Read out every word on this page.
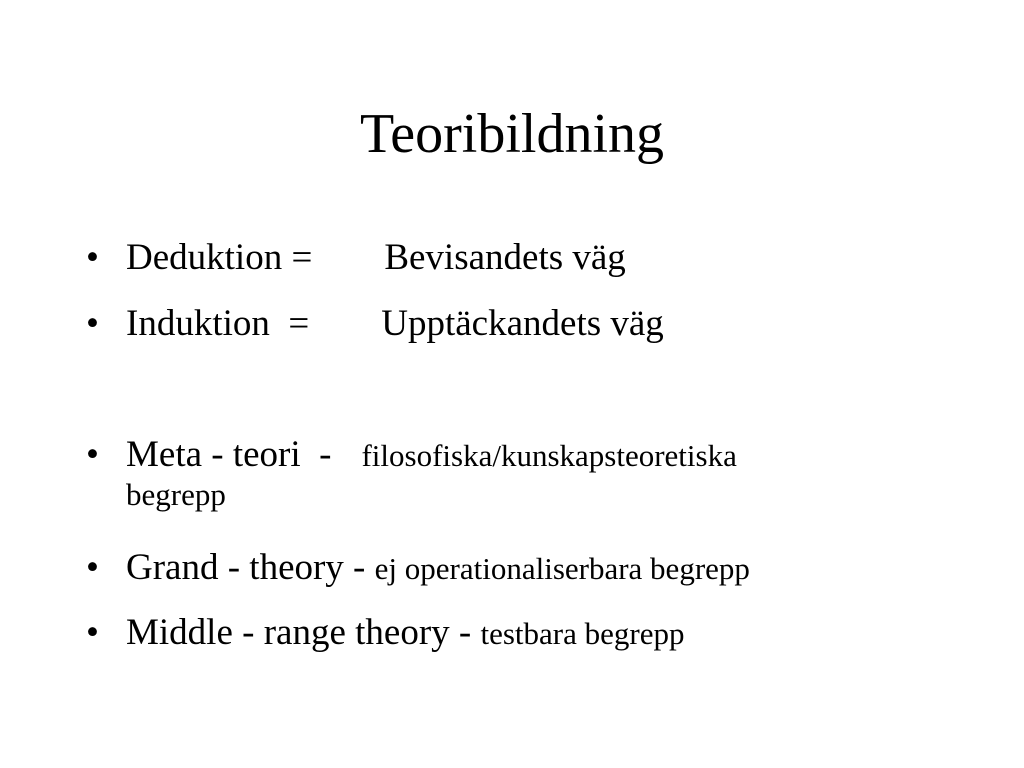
Teoribildning
• Deduktion = Bevisandets väg
• Induktion  = Upptäckandets väg
• Meta - teori  - filosofiska/kunskapsteoretiska
begrepp
• Grand - theory - ej operationaliserbara begrepp
• Middle - range theory - testbara begrepp
